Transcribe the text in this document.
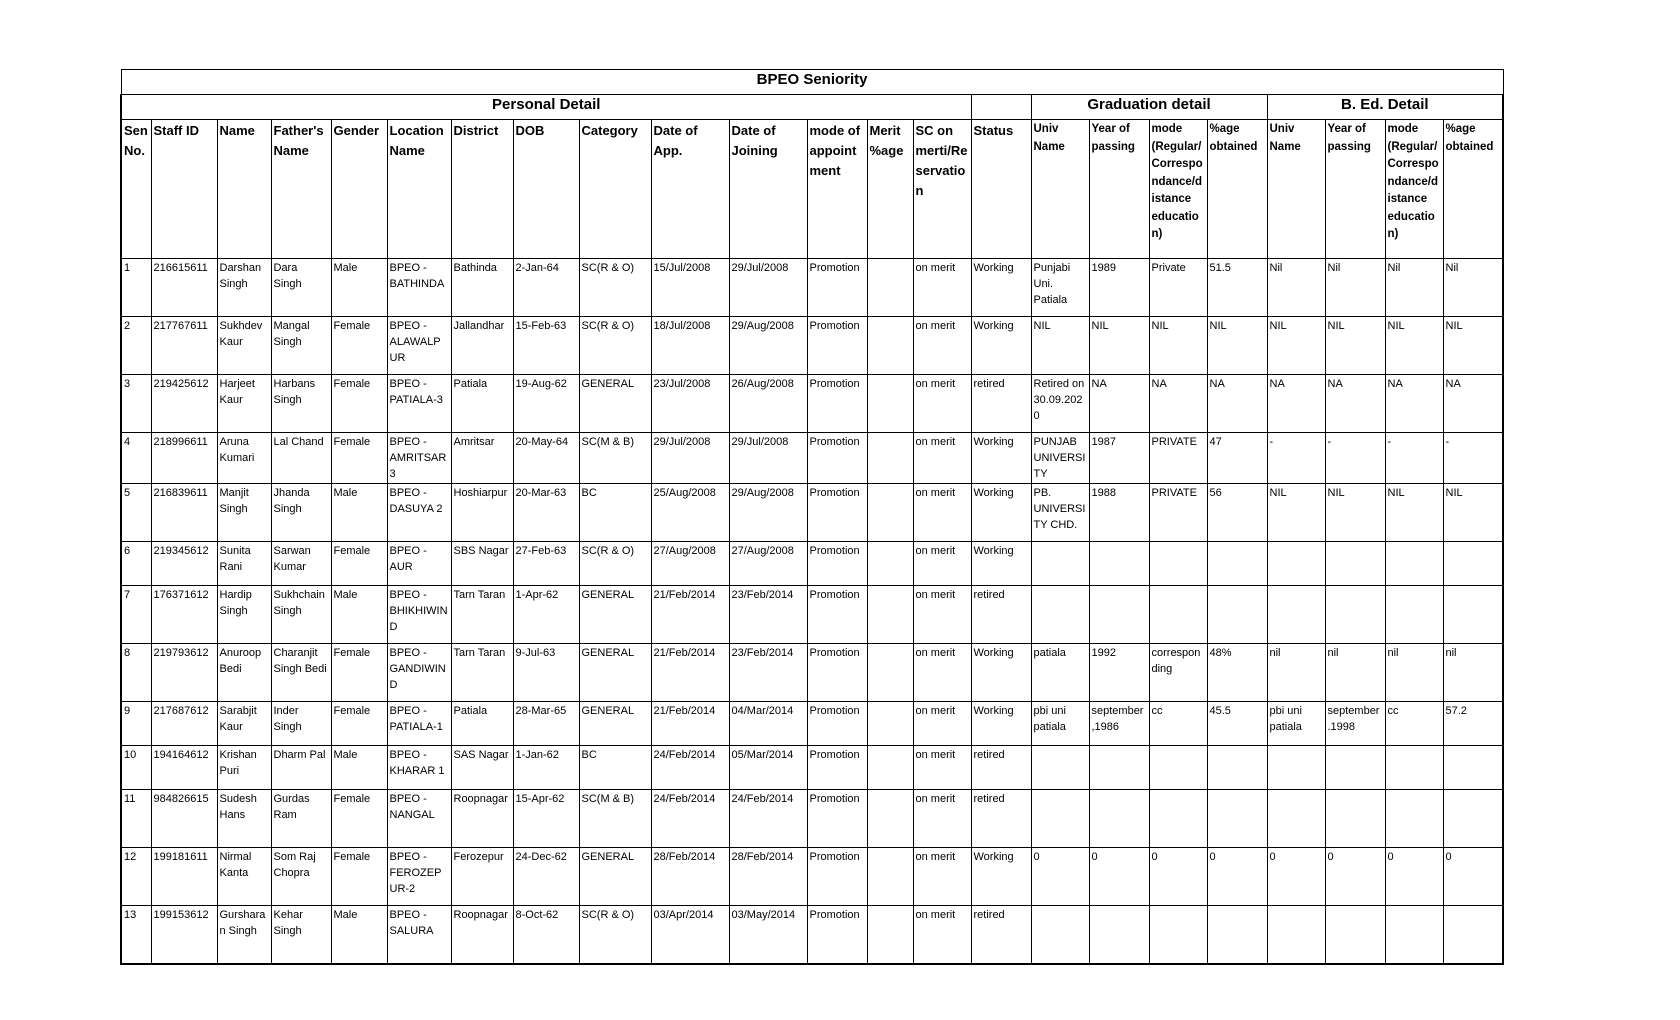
BPEO Seniority																						
Personal Detail															Graduation detail				B. Ed. Detail			
Sen No.	Staff ID	Name	Father's Name	Gender	Location Name	District	DOB	Category	Date of App.	Date of Joining	mode of appointment	Merit %age	SC on merti/Reservation	Status	Univ Name	Year of passing	mode (Regular/Correspondance/distance education)	%age obtained	Univ Name	Year of passing	mode (Regular/Correspondance/distance education)	%age obtained
1	216615611	Darshan Singh	Dara Singh	Male	BPEO - BATHINDA	Bathinda	2-Jan-64	SC(R & O)	15/Jul/2008	29/Jul/2008	Promotion		on merit	Working	Punjabi Uni. Patiala	1989	Private	51.5	Nil	Nil	Nil	Nil
2	217767611	Sukhdev Kaur	Mangal Singh	Female	BPEO - ALAWALPUR	Jallandhar	15-Feb-63	SC(R & O)	18/Jul/2008	29/Aug/2008	Promotion		on merit	Working	NIL	NIL	NIL	NIL	NIL	NIL	NIL	NIL
3	219425612	Harjeet Kaur	Harbans Singh	Female	BPEO - PATIALA-3	Patiala	19-Aug-62	GENERAL	23/Jul/2008	26/Aug/2008	Promotion		on merit	retired	Retired on 30.09.2020	NA	NA	NA	NA	NA	NA	NA
4	218996611	Aruna Kumari	Lal Chand	Female	BPEO - AMRITSAR 3	Amritsar	20-May-64	SC(M & B)	29/Jul/2008	29/Jul/2008	Promotion		on merit	Working	PUNJAB UNIVERSITY	1987	PRIVATE	47	-	-	-	-
5	216839611	Manjit Singh	Jhanda Singh	Male	BPEO - DASUYA 2	Hoshiarpur	20-Mar-63	BC	25/Aug/2008	29/Aug/2008	Promotion		on merit	Working	PB. UNIVERSITY CHD.	1988	PRIVATE	56	NIL	NIL	NIL	NIL
6	219345612	Sunita Rani	Sarwan Kumar	Female	BPEO - AUR	SBS Nagar	27-Feb-63	SC(R & O)	27/Aug/2008	27/Aug/2008	Promotion		on merit	Working								
7	176371612	Hardip Singh	Sukhchain Singh	Male	BPEO - BHIKHIWIND	Tarn Taran	1-Apr-62	GENERAL	21/Feb/2014	23/Feb/2014	Promotion		on merit	retired								
8	219793612	Anuroop Bedi	Charanjit Singh Bedi	Female	BPEO - GANDIWIND	Tarn Taran	9-Jul-63	GENERAL	21/Feb/2014	23/Feb/2014	Promotion		on merit	Working	patiala	1992	corresponding	48%	nil	nil	nil	nil
9	217687612	Sarabjit Kaur	Inder Singh	Female	BPEO - PATIALA-1	Patiala	28-Mar-65	GENERAL	21/Feb/2014	04/Mar/2014	Promotion		on merit	Working	pbi uni patiala	september ,1986	cc	45.5	pbi uni patiala	september .1998	cc	57.2
10	194164612	Krishan Puri	Dharm Pal	Male	BPEO - KHARAR 1	SAS Nagar	1-Jan-62	BC	24/Feb/2014	05/Mar/2014	Promotion		on merit	retired								
11	984826615	Sudesh Hans	Gurdas Ram	Female	BPEO - NANGAL	Roopnagar	15-Apr-62	SC(M & B)	24/Feb/2014	24/Feb/2014	Promotion		on merit	retired								
12	199181611	Nirmal Kanta	Som Raj Chopra	Female	BPEO - FEROZEPUR-2	Ferozepur	24-Dec-62	GENERAL	28/Feb/2014	28/Feb/2014	Promotion		on merit	Working	0	0	0	0	0	0	0	0
13	199153612	Gurshara n Singh	Kehar Singh	Male	BPEO - SALURA	Roopnagar	8-Oct-62	SC(R & O)	03/Apr/2014	03/May/2014	Promotion		on merit	retired								
